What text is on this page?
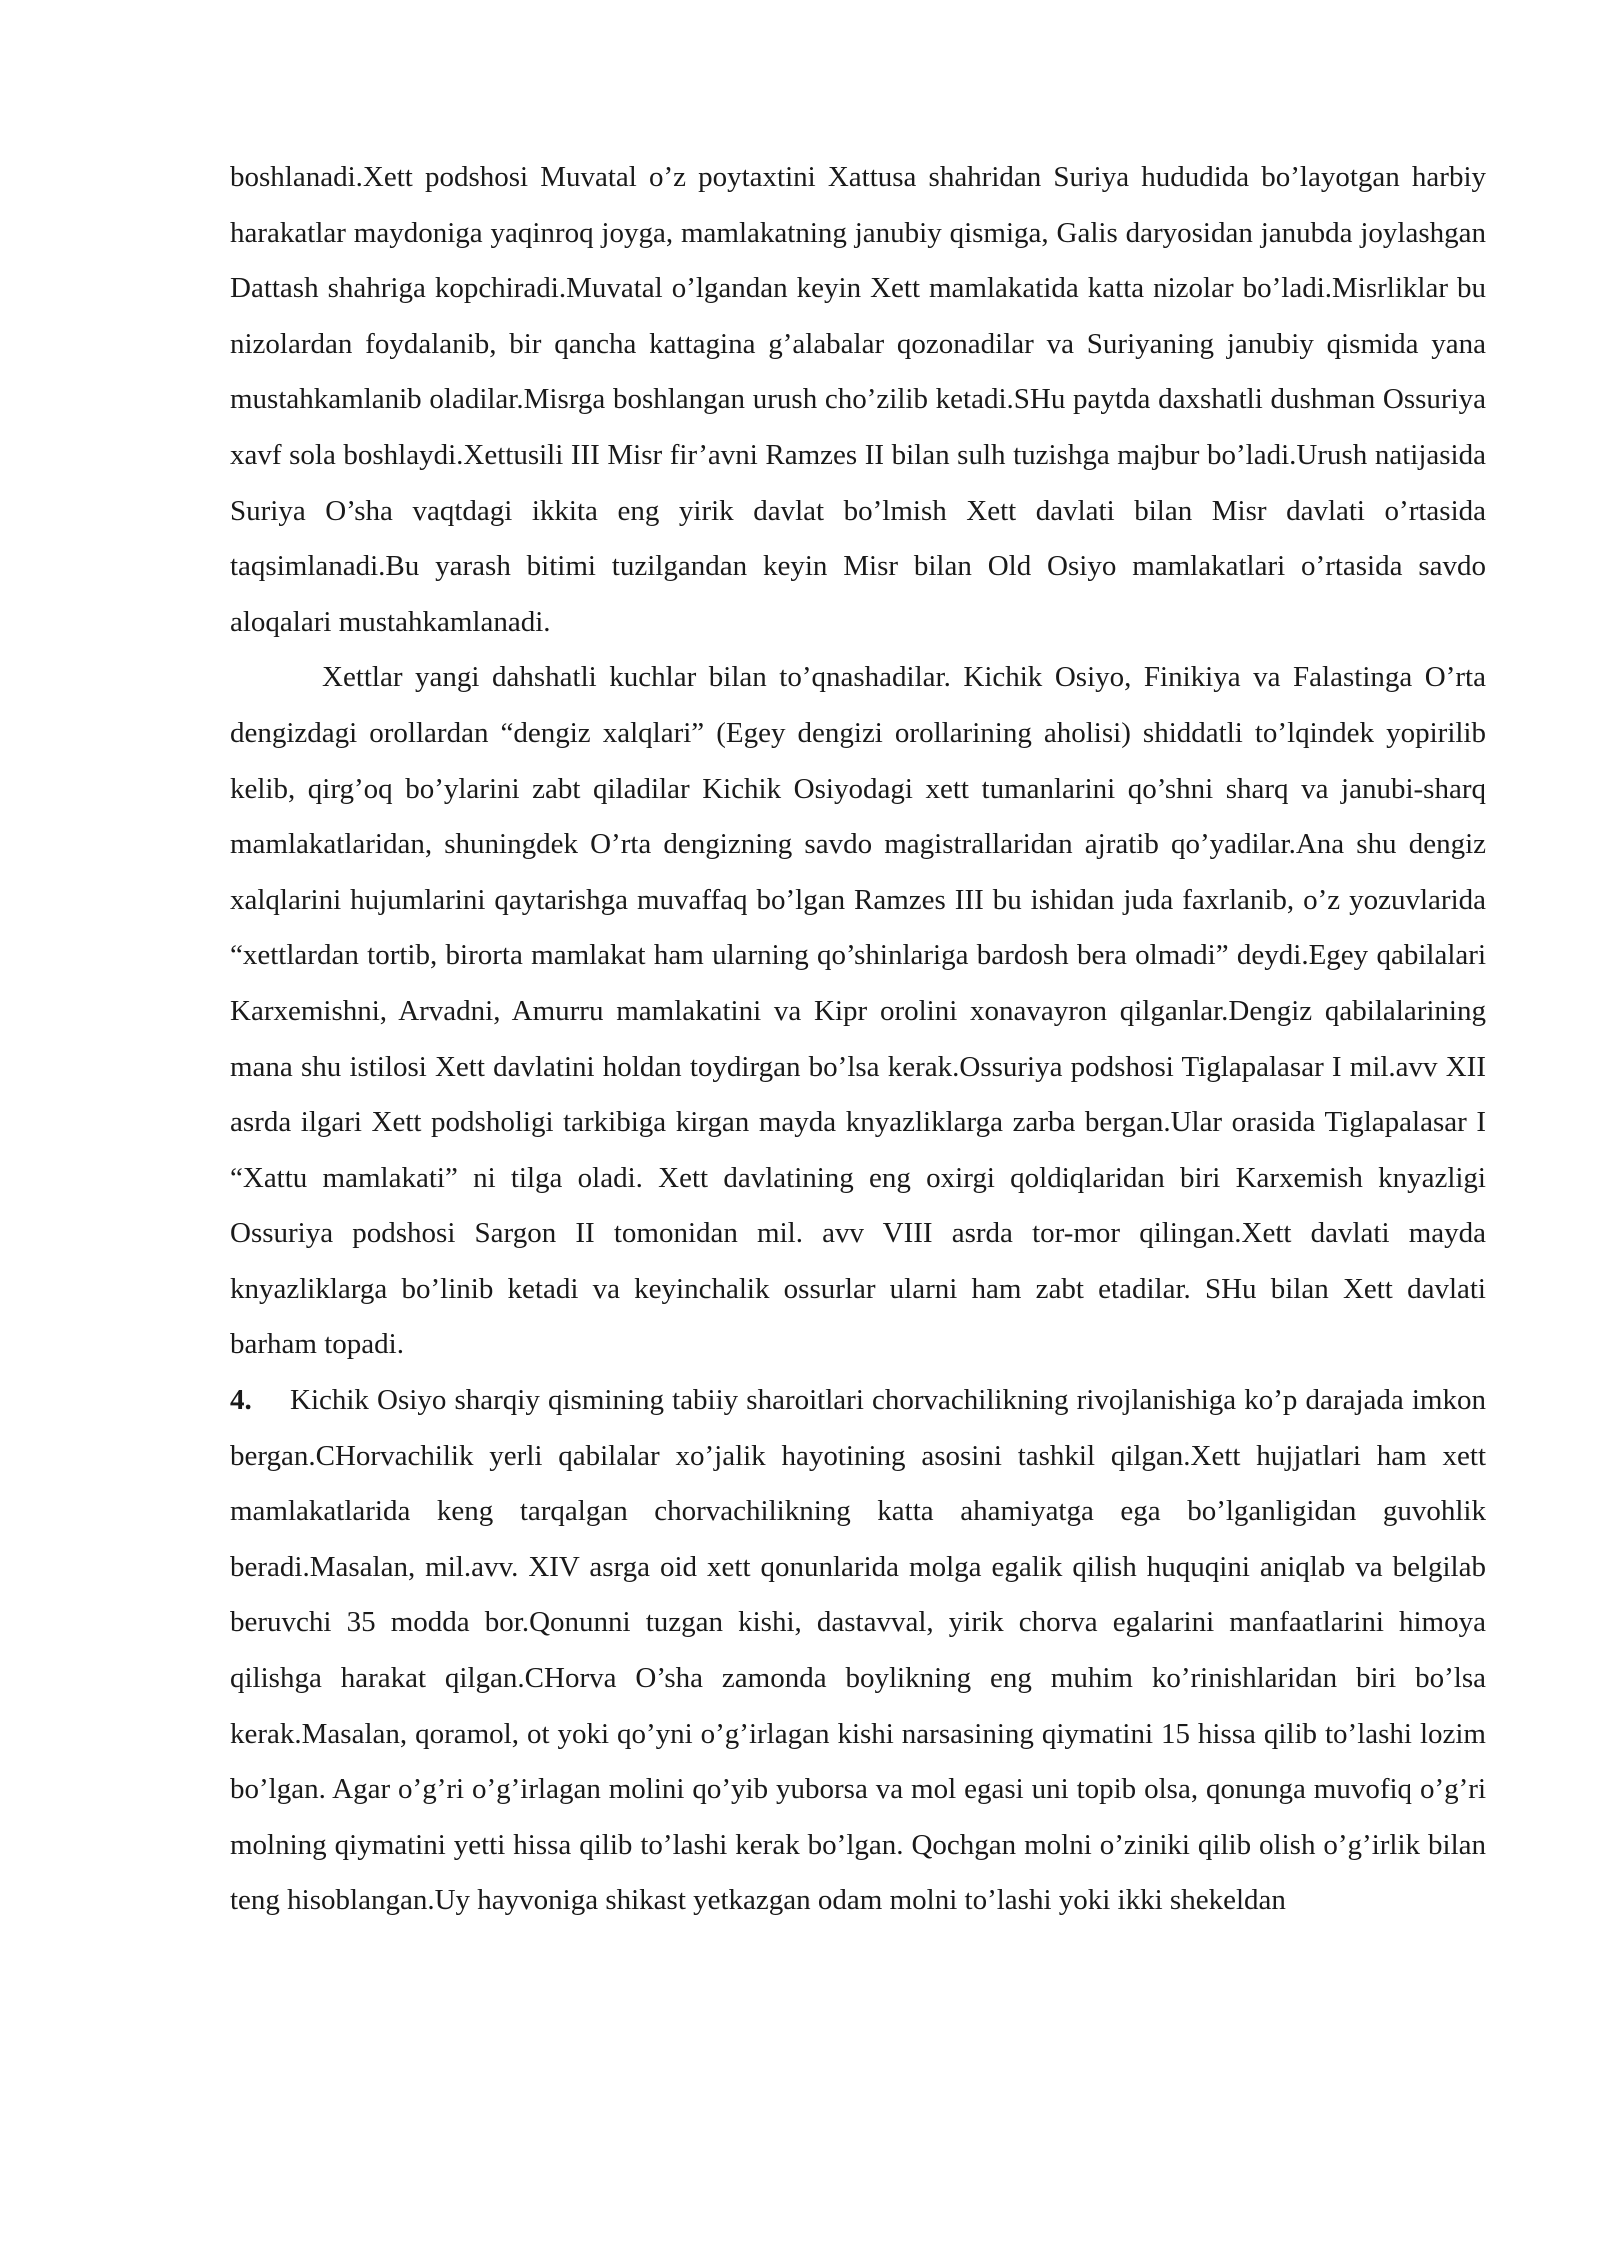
boshlanadi.Xett podshosi Muvatal o’z poytaxtini Xattusa shahridan Suriya hududida bo’layotgan harbiy harakatlar maydoniga yaqinroq joyga, mamlakatning janubiy qismiga, Galis daryosidan janubda joylashgan Dattash shahriga kopchiradi.Muvatal o’lgandan keyin Xett mamlakatida katta nizolar bo’ladi.Misrliklar bu nizolardan foydalanib, bir qancha kattagina g’alabalar qozonadilar va Suriyaning janubiy qismida yana mustahkamlanib oladilar.Misrga boshlangan urush cho’zilib ketadi.SHu paytda daxshatli dushman Ossuriya xavf sola boshlaydi.Xettusili III Misr fir’avni Ramzes II bilan sulh tuzishga majbur bo’ladi.Urush natijasida Suriya O’sha vaqtdagi ikkita eng yirik davlat bo’lmish Xett davlati bilan Misr davlati o’rtasida taqsimlanadi.Bu yarash bitimi tuzilgandan keyin Misr bilan Old Osiyo mamlakatlari o’rtasida savdo aloqalari mustahkamlanadi.

Xettlar yangi dahshatli kuchlar bilan to’qnashadilar. Kichik Osiyo, Finikiya va Falastinga O’rta dengizdagi orollardan “dengiz xalqlari” (Egey dengizi orollarining aholisi) shiddatli to’lqindek yopirilib kelib, qirg’oq bo’ylarini zabt qiladilar Kichik Osiyodagi xett tumanlarini qo’shni sharq va janubi-sharq mamlakatlaridan, shuningdek O’rta dengizning savdo magistrallaridan ajratib qo’yadilar.Ana shu dengiz xalqlarini hujumlarini qaytarishga muvaffaq bo’lgan Ramzes III bu ishidan juda faxrlanib, o’z yozuvlarida “xettlardan tortib, birorta mamlakat ham ularning qo’shinlariga bardosh bera olmadi” deydi.Egey qabilalari Karxemishni, Arvadni, Amurru mamlakatini va Kipr orolini xonavayron qilganlar.Dengiz qabilalarining mana shu istilosi Xett davlatini holdan toydirgan bo’lsa kerak.Ossuriya podshosi Tiglapalasar I mil.avv XII asrda ilgari Xett podsholigi tarkibiga kirgan mayda knyazliklarga zarba bergan.Ular orasida Tiglapalasar I “Xattu mamlakati” ni tilga oladi. Xett davlatining eng oxirgi qoldiqlaridan biri Karxemish knyazligi Ossuriya podshosi Sargon II tomonidan mil. avv VIII asrda tor-mor qilingan.Xett davlati mayda knyazliklarga bo’linib ketadi va keyinchalik ossurlar ularni ham zabt etadilar. SHu bilan Xett davlati barham topadi.

4. Kichik Osiyo sharqiy qismining tabiiy sharoitlari chorvachilikning rivojlanishiga ko’p darajada imkon bergan.CHorvachilik yerli qabilalar xo’jalik hayotining asosini tashkil qilgan.Xett hujjatlari ham xett mamlakatlarida keng tarqalgan chorvachilikning katta ahamiyatga ega bo’lganligidan guvohlik beradi.Masalan, mil.avv. XIV asrga oid xett qonunlarida molga egalik qilish huquqini aniqlab va belgilab beruvchi 35 modda bor.Qonunni tuzgan kishi, dastavval, yirik chorva egalarini manfaatlarini himoya qilishga harakat qilgan.CHorva O’sha zamonda boylikning eng muhim ko’rinishlaridan biri bo’lsa kerak.Masalan, qoramol, ot yoki qo’yni o’g’irlagan kishi narsasining qiymatini 15 hissa qilib to’lashi lozim bo’lgan. Agar o’g’ri o’g’irlagan molini qo’yib yuborsa va mol egasi uni topib olsa, qonunga muvofiq o’g’ri molning qiymatini yetti hissa qilib to’lashi kerak bo’lgan. Qochgan molni o’ziniki qilib olish o’g’irlik bilan teng hisoblangan.Uy hayvoniga shikast yetkazgan odam molni to’lashi yoki ikki shekeldan
